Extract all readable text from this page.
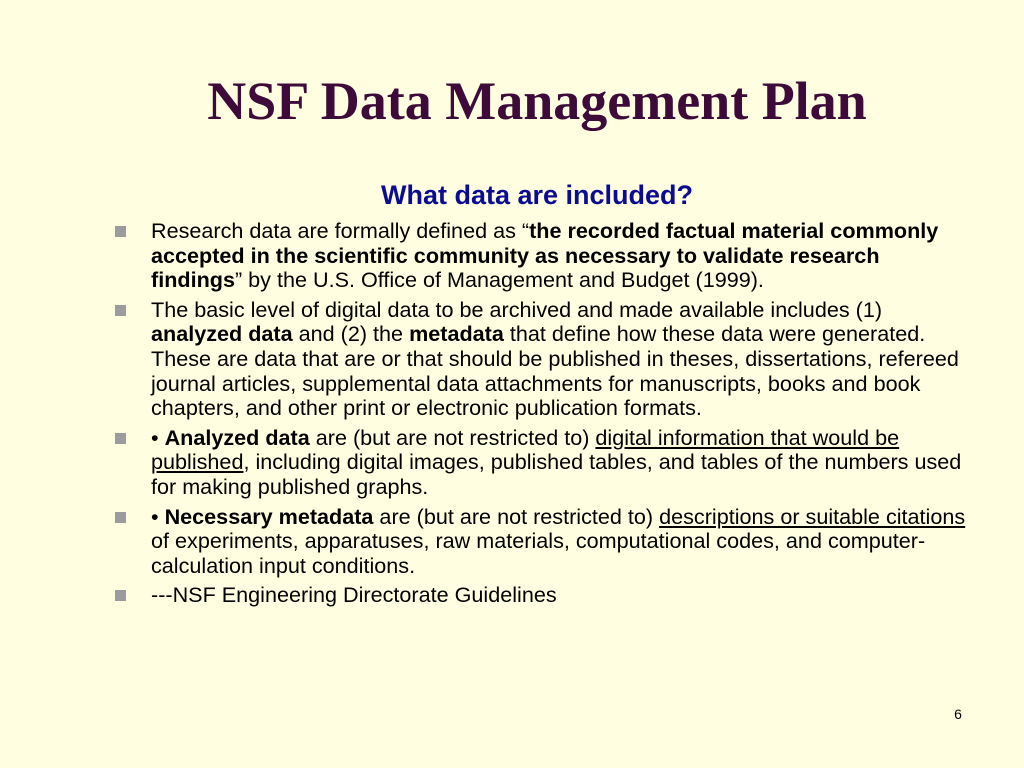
NSF Data Management Plan
What data are included?
Research data are formally defined as “the recorded factual material commonly accepted in the scientific community as necessary to validate research findings” by the U.S. Office of Management and Budget (1999).
The basic level of digital data to be archived and made available includes (1) analyzed data and (2) the metadata that define how these data were generated. These are data that are or that should be published in theses, dissertations, refereed journal articles, supplemental data attachments for manuscripts, books and book chapters, and other print or electronic publication formats.
• Analyzed data are (but are not restricted to) digital information that would be published, including digital images, published tables, and tables of the numbers used for making published graphs.
• Necessary metadata are (but are not restricted to) descriptions or suitable citations of experiments, apparatuses, raw materials, computational codes, and computer-calculation input conditions.
---NSF Engineering Directorate Guidelines
6
